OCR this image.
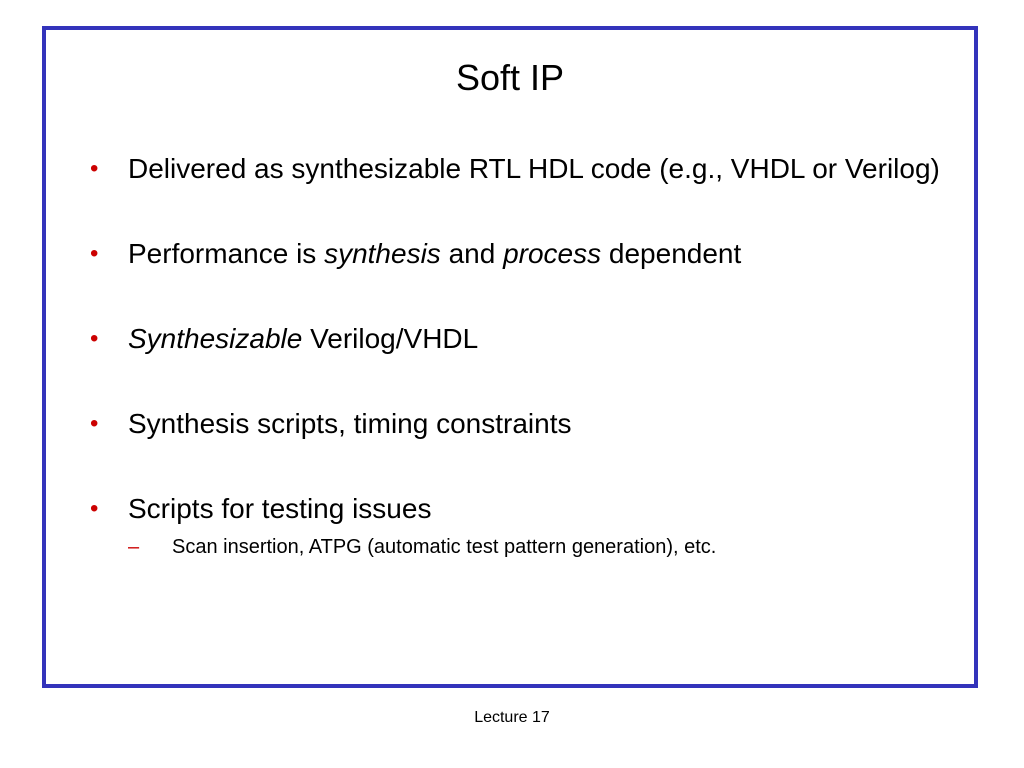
Soft IP
• Delivered as synthesizable RTL HDL code (e.g., VHDL or Verilog)
• Performance is synthesis and process dependent
• Synthesizable Verilog/VHDL
• Synthesis scripts, timing constraints
• Scripts for testing issues
– Scan insertion, ATPG (automatic test pattern generation), etc.
Lecture 17
